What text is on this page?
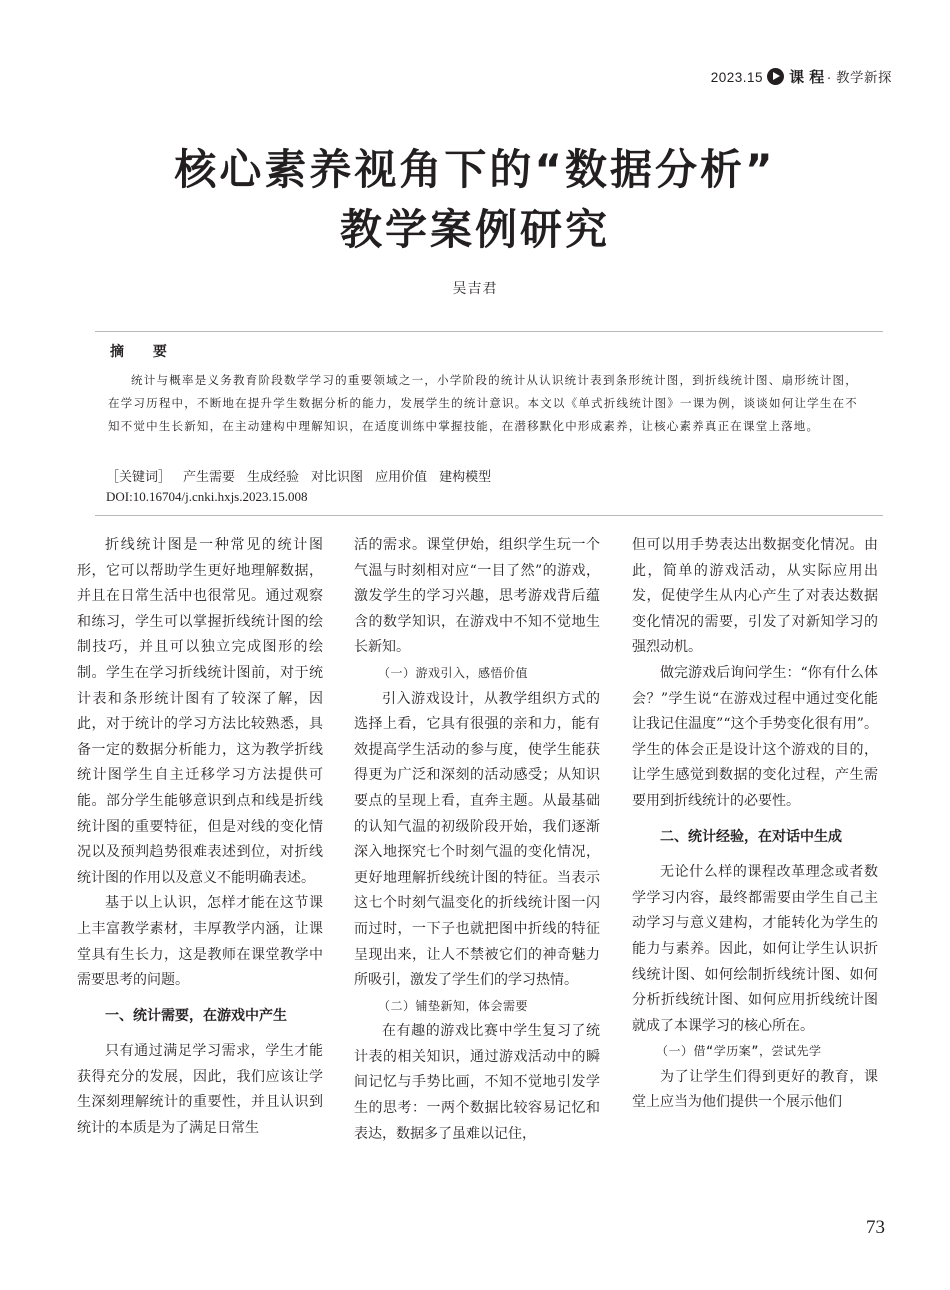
2023.15 课 程 · 教学新探
核心素养视角下的“数据分析”
教学案例研究
吴吉君
摘 要
统计与概率是义务教育阶段数学学习的重要领域之一，小学阶段的统计从认识统计表到条形统计图，到折线统计图、扇形统计图，在学习历程中，不断地在提升学生数据分析的能力，发展学生的统计意识。本文以《单式折线统计图》一课为例，谈谈如何让学生在不知不觉中生长新知，在主动建构中理解知识，在适度训练中掌握技能，在潜移默化中形成素养，让核心素养真正在课堂上落地。
［关键词］ 产生需要 生成经验 对比识图 应用价值 建构模型
DOI:10.16704/j.cnki.hxjs.2023.15.008

折线统计图是一种常见的统计图形，它可以帮助学生更好地理解数据，并且在日常生活中也很常见。通过观察和练习，学生可以掌握折线统计图的绘制技巧，并且可以独立完成图形的绘制。学生在学习折线统计图前，对于统计表和条形统计图有了较深了解，因此，对于统计的学习方法比较熟悉，具备一定的数据分析能力，这为教学折线统计图学生自主迁移学习方法提供可能。部分学生能够意识到点和线是折线统计图的重要特征，但是对线的变化情况以及预判趋势很难表述到位，对折线统计图的作用以及意义不能明确表述。

基于以上认识，怎样才能在这节课上丰富教学素材，丰厚教学内涵，让课堂具有生长力，这是教师在课堂教学中需要思考的问题。

一、统计需要，在游戏中产生

只有通过满足学习需求，学生才能获得充分的发展，因此，我们应该让学生深刻理解统计的重要性，并且认识到统计的本质是为了满足日常生

活的需求。课堂伊始，组织学生玩一个气温与时刻相对应“一目了然”的游戏，激发学生的学习兴趣，思考游戏背后蕴含的数学知识，在游戏中不知不觉地生长新知。

（一）游戏引入，感悟价值

引入游戏设计，从教学组织方式的选择上看，它具有很强的亲和力，能有效提高学生活动的参与度，使学生能获得更为广泛和深刻的活动感受；从知识要点的呈现上看，直奔主题。从最基础的认知气温的初级阶段开始，我们逐渐深入地探究七个时刻气温的变化情况，更好地理解折线统计图的特征。当表示这七个时刻气温变化的折线统计图一闪而过时，一下子也就把图中折线的特征呈现出来，让人不禁被它们的神奇魅力所吸引，激发了学生们的学习热情。

（二）铺垫新知，体会需要

在有趣的游戏比赛中学生复习了统计表的相关知识，通过游戏活动中的瞬间记忆与手势比画，不知不觉地引发学生的思考：一两个数据比较容易记忆和表达，数据多了虽难以记住，

但可以用手势表达出数据变化情况。由此，简单的游戏活动，从实际应用出发，促使学生从内心产生了对表达数据变化情况的需要，引发了对新知学习的强烈动机。

做完游戏后询问学生：“你有什么体会？”学生说“在游戏过程中通过变化能让我记住温度”“这个手势变化很有用”。学生的体会正是设计这个游戏的目的，让学生感觉到数据的变化过程，产生需要用到折线统计的必要性。

二、统计经验，在对话中生成

无论什么样的课程改革理念或者数学学习内容，最终都需要由学生自己主动学习与意义建构，才能转化为学生的能力与素养。因此，如何让学生认识折线统计图、如何绘制折线统计图、如何分析折线统计图、如何应用折线统计图就成了本课学习的核心所在。

（一）借“学历案”，尝试先学

为了让学生们得到更好的教育，课堂上应当为他们提供一个展示他们

73
